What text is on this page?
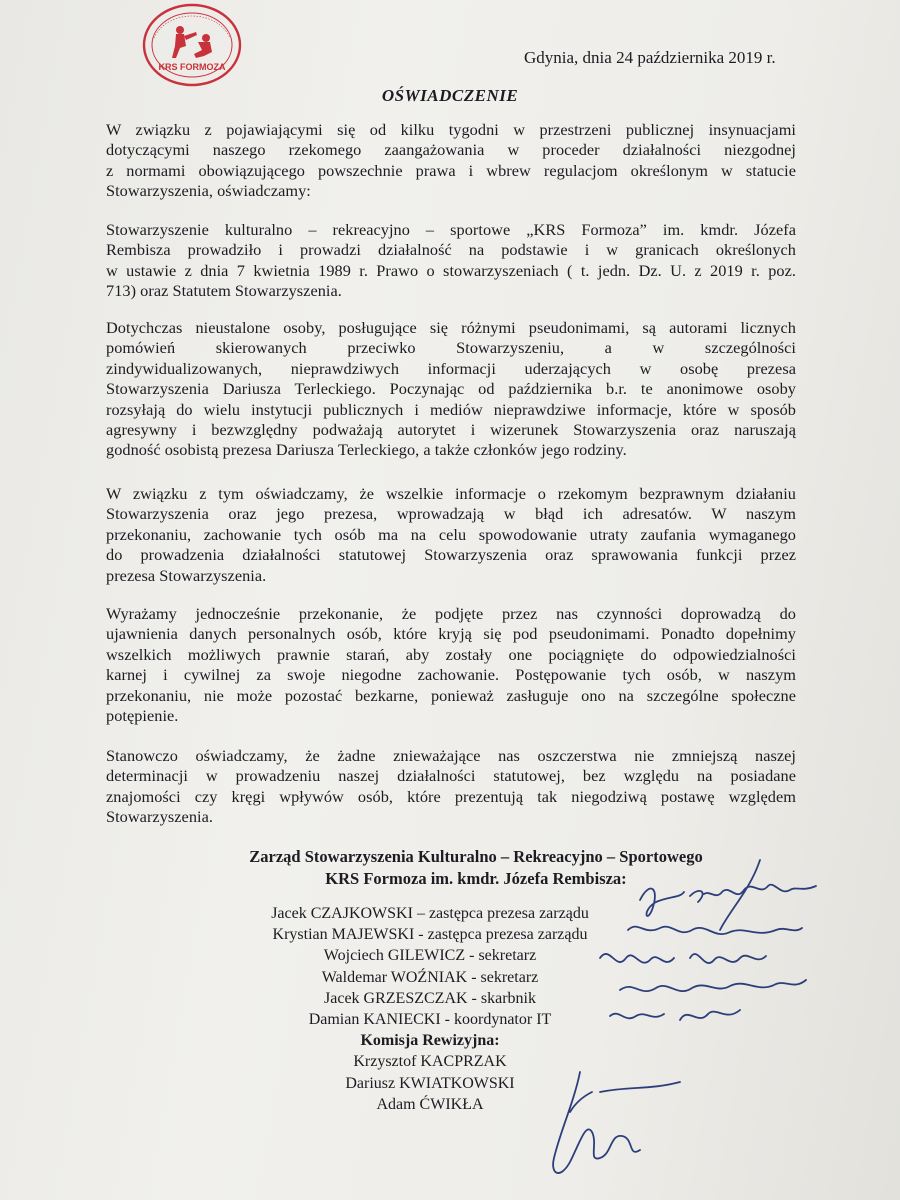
KRS FORMOZA	Gdynia, dnia 24 października 2019 r.
OŚWIADCZENIE
W związku z pojawiającymi się od kilku tygodni w przestrzeni publicznej insynuacjami
dotyczącymi naszego rzekomego zaangażowania w proceder działalności niezgodnej
z normami obowiązującego powszechnie prawa i wbrew regulacjom określonym w statucie
Stowarzyszenia, oświadczamy:
Stowarzyszenie kulturalno – rekreacyjno – sportowe „KRS Formoza” im. kmdr. Józefa
Rembisza prowadziło i prowadzi działalność na podstawie i w granicach określonych
w ustawie z dnia 7 kwietnia 1989 r. Prawo o stowarzyszeniach ( t. jedn. Dz. U. z 2019 r. poz.
713) oraz Statutem Stowarzyszenia.
Dotychczas nieustalone osoby, posługujące się różnymi pseudonimami, są autorami licznych
pomówień skierowanych przeciwko Stowarzyszeniu, a w szczególności
zindywidualizowanych, nieprawdziwych informacji uderzających w osobę prezesa
Stowarzyszenia Dariusza Terleckiego. Poczynając od października b.r. te anonimowe osoby
rozsyłają do wielu instytucji publicznych i mediów nieprawdziwe informacje, które w sposób
agresywny i bezwzględny podważają autorytet i wizerunek Stowarzyszenia oraz naruszają
godność osobistą prezesa Dariusza Terleckiego, a także członków jego rodziny.
W związku z tym oświadczamy, że wszelkie informacje o rzekomym bezprawnym działaniu
Stowarzyszenia oraz jego prezesa, wprowadzają w błąd ich adresatów. W naszym
przekonaniu, zachowanie tych osób ma na celu spowodowanie utraty zaufania wymaganego
do prowadzenia działalności statutowej Stowarzyszenia oraz sprawowania funkcji przez
prezesa Stowarzyszenia.
Wyrażamy jednocześnie przekonanie, że podjęte przez nas czynności doprowadzą do
ujawnienia danych personalnych osób, które kryją się pod pseudonimami. Ponadto dopełnimy
wszelkich możliwych prawnie starań, aby zostały one pociągnięte do odpowiedzialności
karnej i cywilnej za swoje niegodne zachowanie. Postępowanie tych osób, w naszym
przekonaniu, nie może pozostać bezkarne, ponieważ zasługuje ono na szczególne społeczne
potępienie.
Stanowczo oświadczamy, że żadne znieważające nas oszczerstwa nie zmniejszą naszej
determinacji w prowadzeniu naszej działalności statutowej, bez względu na posiadane
znajomości czy kręgi wpływów osób, które prezentują tak niegodziwą postawę względem
Stowarzyszenia.
Zarząd Stowarzyszenia Kulturalno – Rekreacyjno – Sportowego
KRS Formoza im. kmdr. Józefa Rembisza:
Jacek CZAJKOWSKI – zastępca prezesa zarządu
Krystian MAJEWSKI - zastępca prezesa zarządu
Wojciech GILEWICZ - sekretarz
Waldemar WOŹNIAK - sekretarz
Jacek GRZESZCZAK - skarbnik
Damian KANIECKI - koordynator IT
Komisja Rewizyjna:
Krzysztof KACPRZAK
Dariusz KWIATKOWSKI
Adam ĆWIKŁA
